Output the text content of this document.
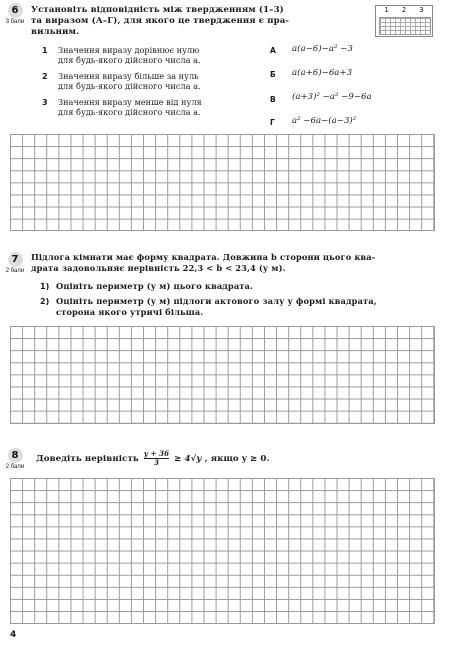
6
3 бали
Установіть відповідність між твердженням (1–3)
та виразом (А–Г), для якого це твердження є пра-
вильним.
1 2 3
1 Значення виразу дорівнює нулю
для будь-якого дійсного числа a.
2 Значення виразу більше за нуль
для будь-якого дійсного числа a.
3 Значення виразу менше від нуля
для будь-якого дійсного числа a.
А a(a−6)−a² −3
Б a(a+6)−6a+3
В (a+3)² −a² −9−6a
Г a² −6a−(a−3)²
7
2 бали
Підлога кімнати має форму квадрата. Довжина b сторони цього ква-
драта задовольняє нерівність 22,3 < b < 23,4 (у м).
1) Оцініть периметр (у м) цього квадрата.
2) Оцініть периметр (у м) підлоги актового залу у формі квадрата,
сторона якого утричі більша.
8
2 бали
Доведіть нерівність $\frac{y + 36}{3} \ge 4√y$ , якщо y ≥ 0.
4
